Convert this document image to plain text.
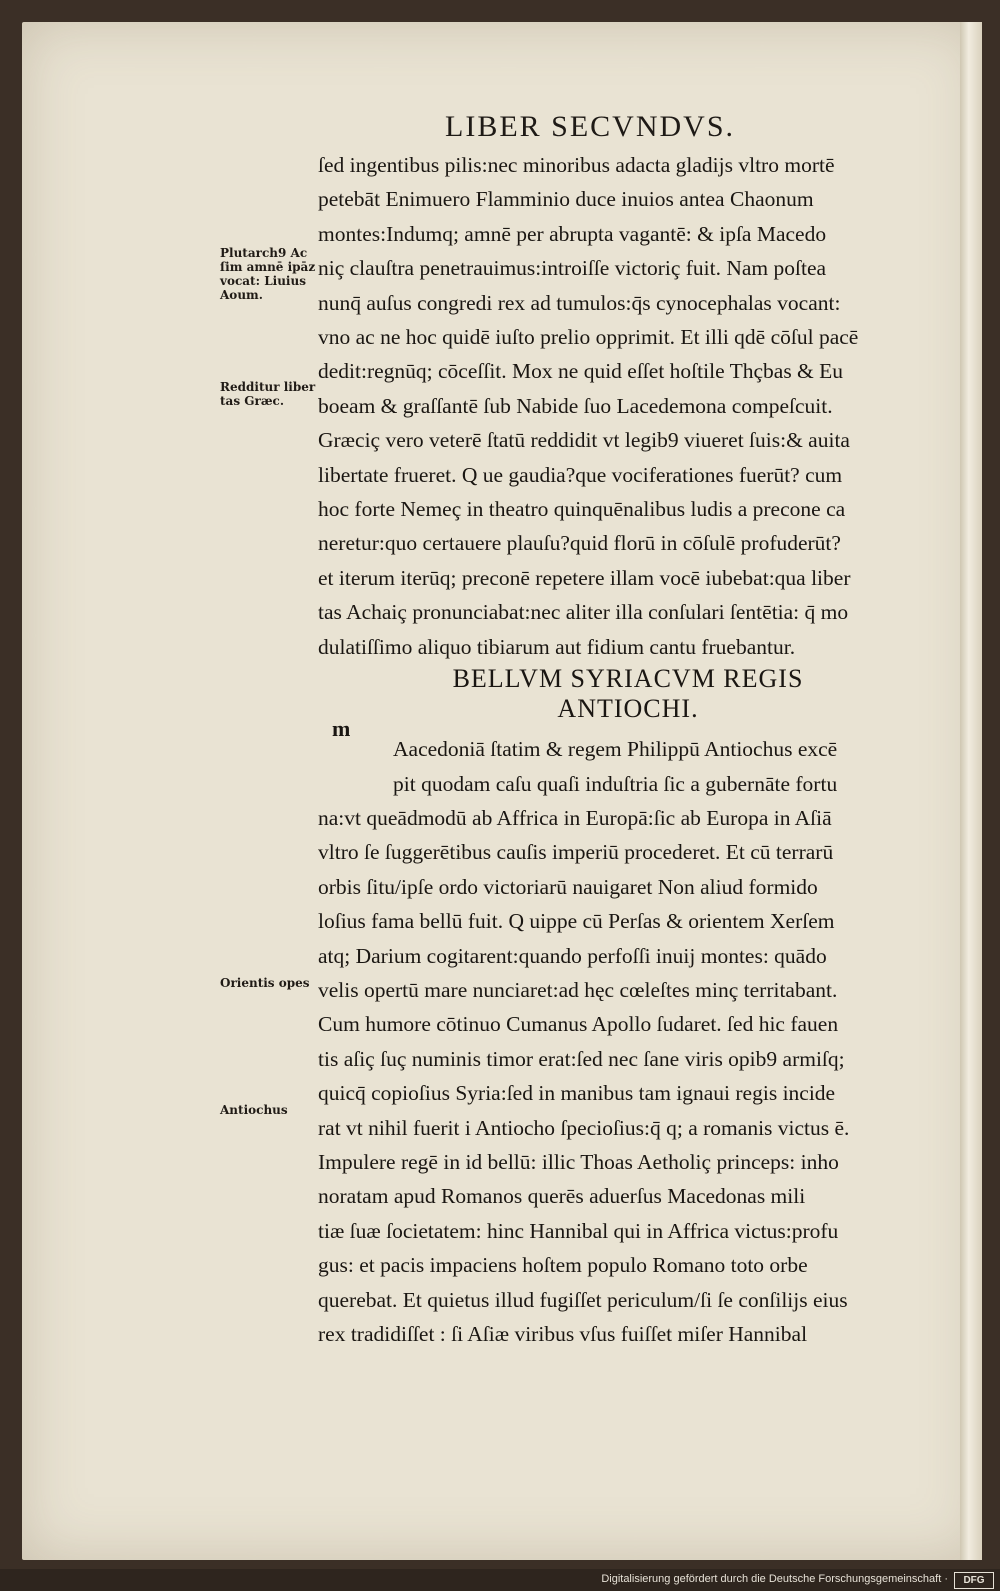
LIBER SECVNDVS.
Plutarch9 Ac ſim amnē ipāz vocat: Liuius Aoum.
Redditur liber tas Græc.
Orientis opes
Antiochus
m
ſed ingentibus pilis:nec minoribus adacta gladijs vltro mortē
petebāt Enimuero Flamminio duce inuios antea Chaonum
montes:Indumq; amnē per abrupta vagantē: & ipſa Macedo
niç clauſtra penetrauimus:introiſſe victoriç fuit. Nam poſtea
nunq̄ auſus congredi rex ad tumulos:q̄s cynocephalas vocant:
vno ac ne hoc quidē iuſto prelio opprimit. Et illi qdē cōſul pacē
dedit:regnūq; cōceſſit. Mox ne quid eſſet hoſtile Thçbas & Eu
boeam & graſſantē ſub Nabide ſuo Lacedemona compeſcuit.
Græciç vero veterē ſtatū reddidit vt legib9 viueret ſuis:& auita
libertate frueret. Q ue gaudia?que vociferationes fuerūt? cum
hoc forte Nemeç in theatro quinquēnalibus ludis a precone ca
neretur:quo certauere plauſu?quid florū in cōſulē profuderūt?
et iterum iterūq; preconē repetere illam vocē iubebat:qua liber
tas Achaiç pronunciabat:nec aliter illa conſulari ſentētia: q̄ mo
dulatiſſimo aliquo tibiarum aut fidium cantu fruebantur.
BELLVM SYRIACVM REGIS
ANTIOCHI.
Aacedoniā ſtatim & regem Philippū Antiochus excē
pit quodam caſu quaſi induſtria ſic a gubernāte fortu
na:vt queādmodū ab Affrica in Europā:ſic ab Europa in Aſiā
vltro ſe ſuggerētibus cauſis imperiū procederet. Et cū terrarū
orbis ſitu/ipſe ordo victoriarū nauigaret Non aliud formido
loſius fama bellū fuit. Q uippe cū Perſas & orientem Xerſem
atq; Darium cogitarent:quando perfoſſi inuij montes: quādo
velis opertū mare nunciaret:ad hęc cœleſtes minç territabant.
Cum humore cōtinuo Cumanus Apollo ſudaret. ſed hic fauen
tis aſiç ſuç numinis timor erat:ſed nec ſane viris opib9 armiſq;
quicq̄ copioſius Syria:ſed in manibus tam ignaui regis incide
rat vt nihil fuerit i Antiocho ſpecioſius:q̄ q; a romanis victus ē.
Impulere regē in id bellū: illic Thoas Aetholiç princeps: inho
noratam apud Romanos querēs aduerſus Macedonas mili
tiæ ſuæ ſocietatem: hinc Hannibal qui in Affrica victus:profu
gus: et pacis impaciens hoſtem populo Romano toto orbe
querebat. Et quietus illud fugiſſet periculum/ſi ſe conſilijs eius
rex tradidiſſet : ſi Aſiæ viribus vſus fuiſſet miſer Hannibal
Digitalisierung gefördert durch die Deutsche Forschungsgemeinschaft ·	DFG
